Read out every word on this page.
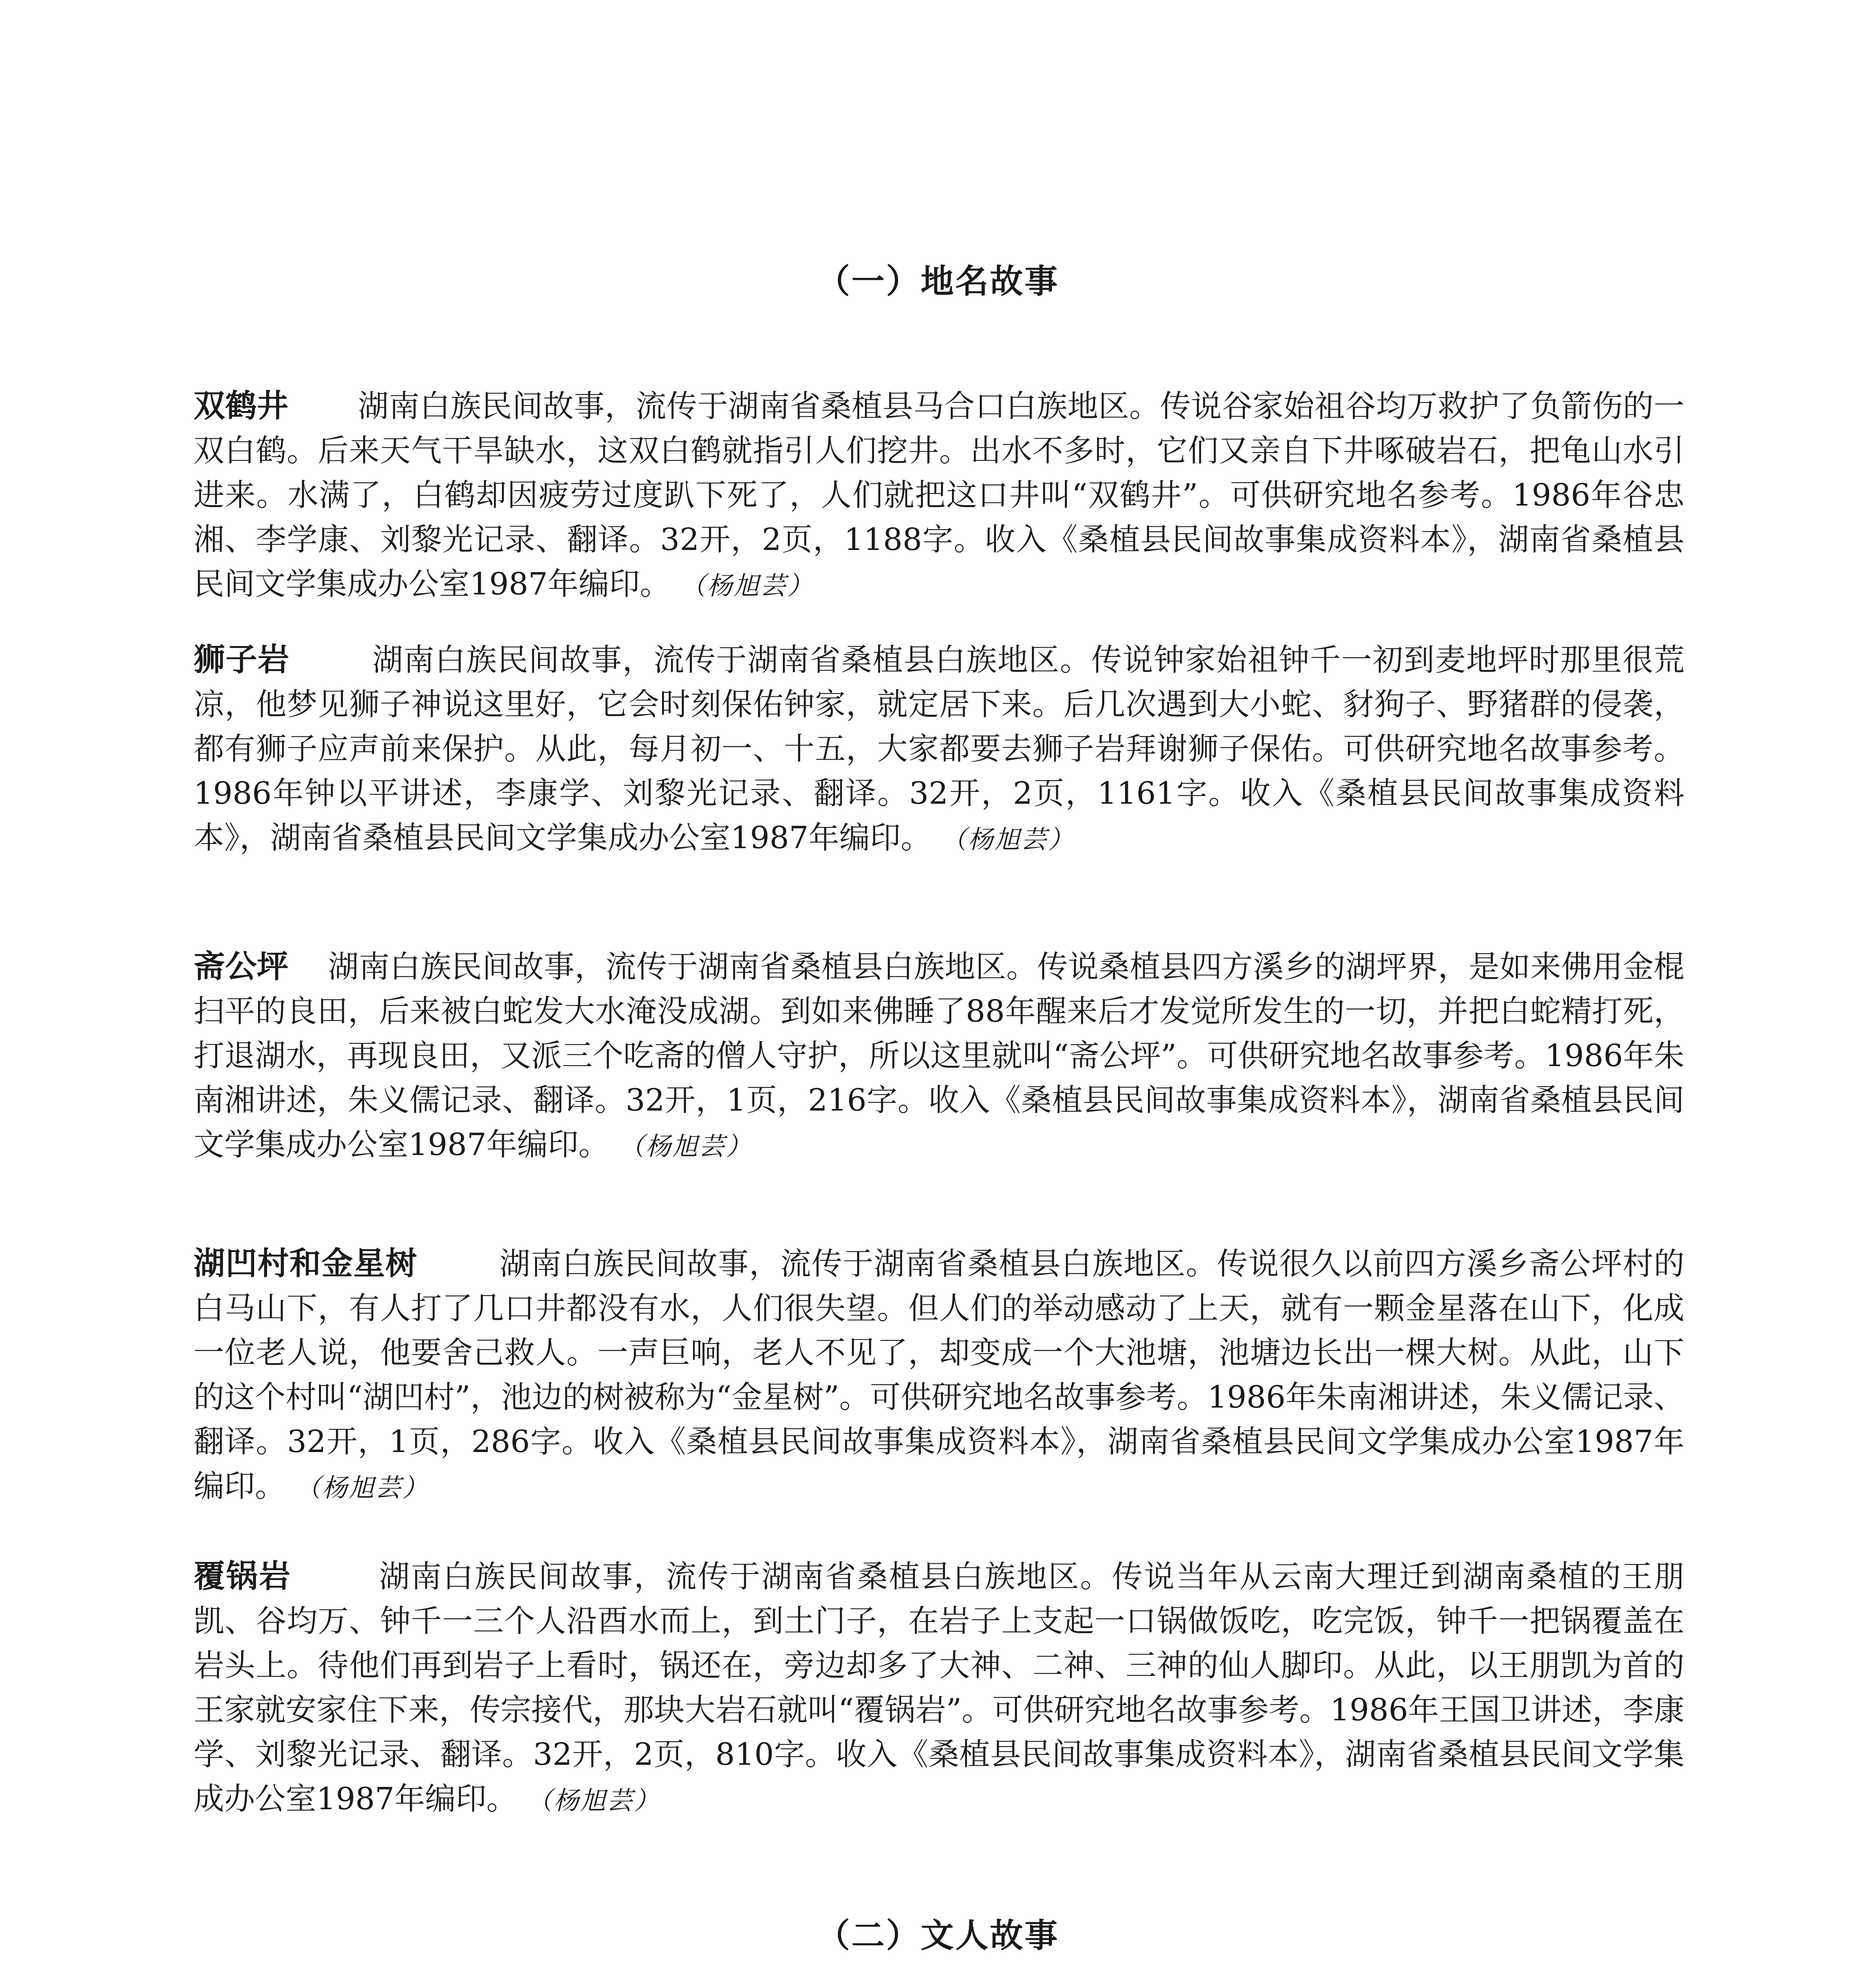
（一）地名故事

双鹤井 湖南白族民间故事，流传于湖南省桑植县马合口白族地区。传说谷家始祖谷均万救护了负箭伤的一双白鹤。后来天气干旱缺水，这双白鹤就指引人们挖井。出水不多时，它们又亲自下井啄破岩石，把龟山水引进来。水满了，白鹤却因疲劳过度趴下死了，人们就把这口井叫“双鹤井”。可供研究地名参考。1986年谷忠湘、李学康、刘黎光记录、翻译。32开，2页，1188字。收入《桑植县民间故事集成资料本》，湖南省桑植县民间文学集成办公室1987年编印。 （杨旭芸）

狮子岩	湖南白族民间故事，流传于湖南省桑植县白族地区。传说钟家始祖钟千一初到麦地坪时那里很荒凉，他梦见狮子神说这里好，它会时刻保佑钟家，就定居下来。后几次遇到大小蛇、豺狗子、野猪群的侵袭，都有狮子应声前来保护。从此，每月初一、十五，大家都要去狮子岩拜谢狮子保佑。可供研究地名故事参考。1986年钟以平讲述，李康学、刘黎光记录、翻译。32开，2页，1161字。收入《桑植县民间故事集成资料本》，湖南省桑植县民间文学集成办公室1987年编印。 （杨旭芸）

斋公坪 湖南白族民间故事，流传于湖南省桑植县白族地区。传说桑植县四方溪乡的湖坪界，是如来佛用金棍扫平的良田，后来被白蛇发大水淹没成湖。到如来佛睡了88年醒来后才发觉所发生的一切，并把白蛇精打死，打退湖水，再现良田，又派三个吃斋的僧人守护，所以这里就叫“斋公坪”。可供研究地名故事参考。1986年朱南湘讲述，朱义儒记录、翻译。32开，1页，216字。收入《桑植县民间故事集成资料本》，湖南省桑植县民间文学集成办公室1987年编印。 （杨旭芸）

湖凹村和金星树	湖南白族民间故事，流传于湖南省桑植县白族地区。传说很久以前四方溪乡斋公坪村的白马山下，有人打了几口井都没有水，人们很失望。但人们的举动感动了上天，就有一颗金星落在山下，化成一位老人说，他要舍己救人。一声巨响，老人不见了，却变成一个大池塘，池塘边长出一棵大树。从此，山下的这个村叫“湖凹村”，池边的树被称为“金星树”。可供研究地名故事参考。1986年朱南湘讲述，朱义儒记录、翻译。32开，1页，286字。收入《桑植县民间故事集成资料本》，湖南省桑植县民间文学集成办公室1987年编印。 （杨旭芸）

覆锅岩	湖南白族民间故事，流传于湖南省桑植县白族地区。传说当年从云南大理迁到湖南桑植的王朋凯、谷均万、钟千一三个人沿酉水而上，到土门子，在岩子上支起一口锅做饭吃，吃完饭，钟千一把锅覆盖在岩头上。待他们再到岩子上看时，锅还在，旁边却多了大神、二神、三神的仙人脚印。从此，以王朋凯为首的王家就安家住下来，传宗接代，那块大岩石就叫“覆锅岩”。可供研究地名故事参考。1986年王国卫讲述，李康学、刘黎光记录、翻译。32开，2页，810字。收入《桑植县民间故事集成资料本》，湖南省桑植县民间文学集成办公室1987年编印。 （杨旭芸）

（二）文人故事
